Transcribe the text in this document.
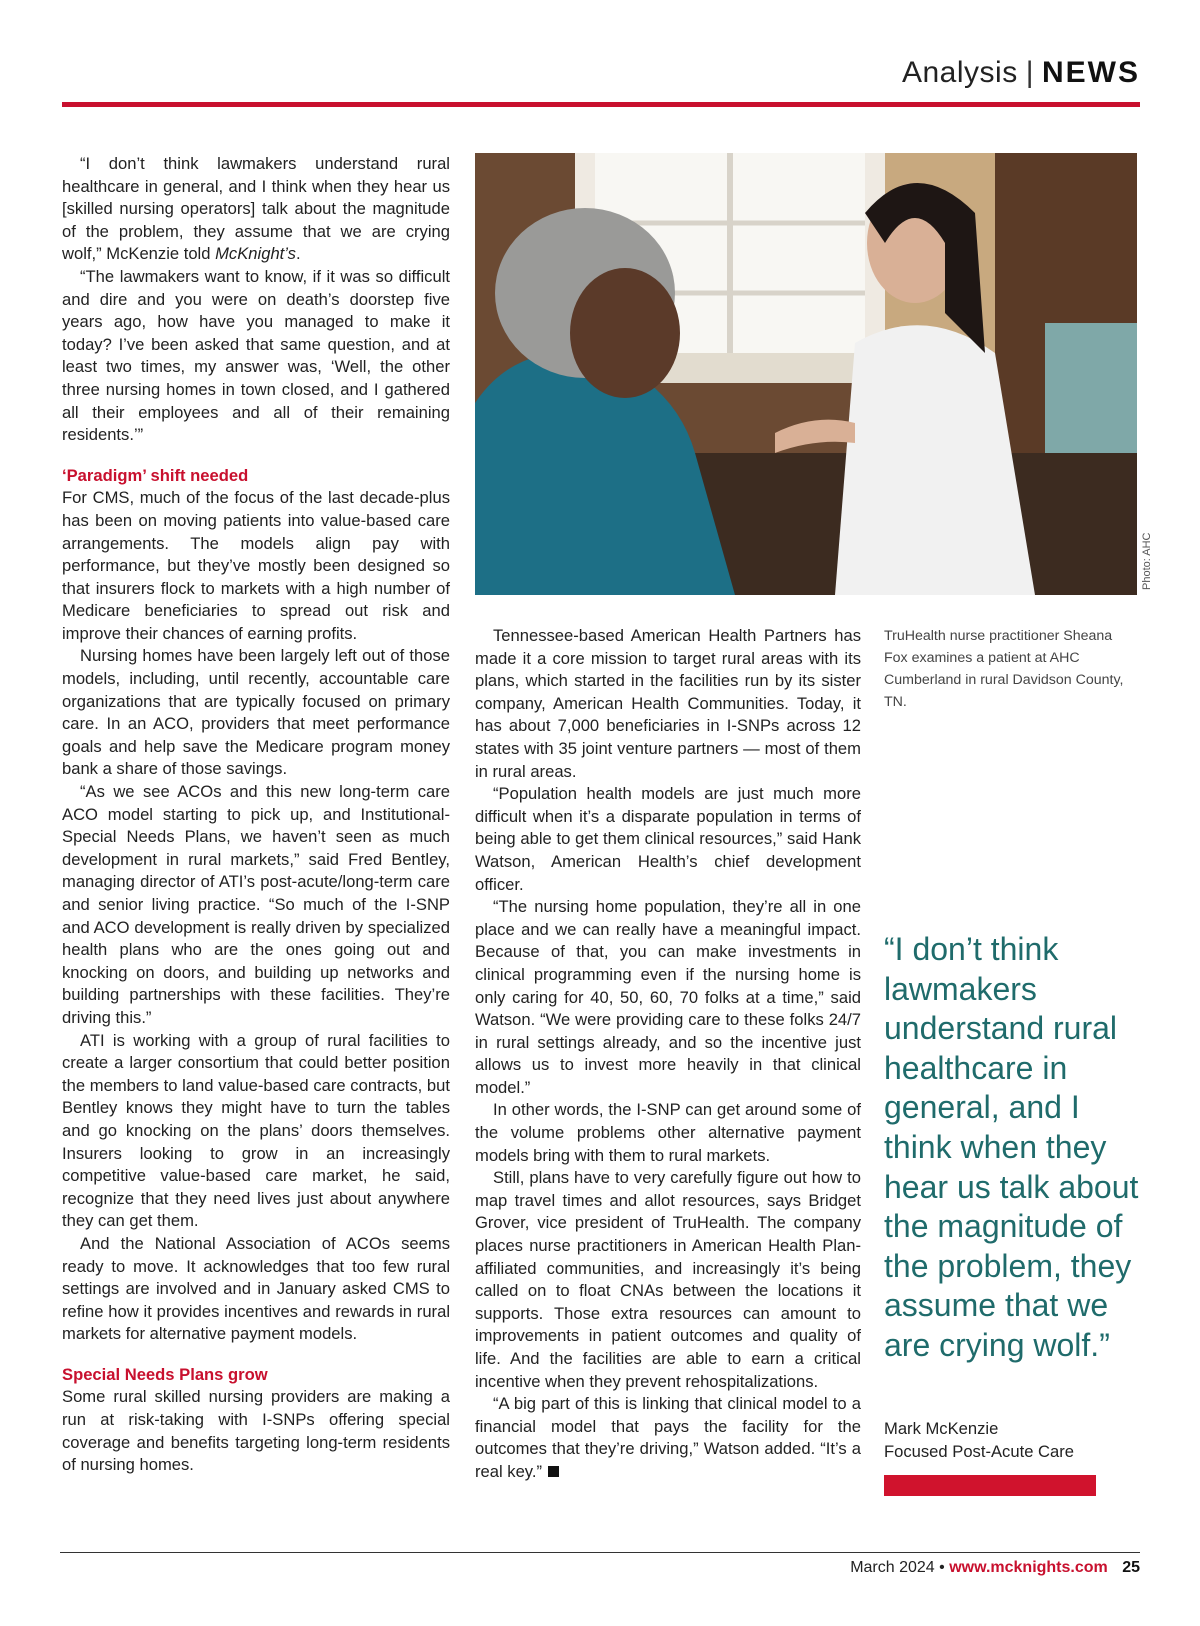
Analysis | NEWS

“I don’t think lawmakers understand rural healthcare in general, and I think when they hear us [skilled nursing operators] talk about the magnitude of the problem, they assume that we are crying wolf,” McKenzie told McKnight’s.

“The lawmakers want to know, if it was so difficult and dire and you were on death’s doorstep five years ago, how have you managed to make it today? I’ve been asked that same question, and at least two times, my answer was, ‘Well, the other three nursing homes in town closed, and I gathered all their employees and all of their remaining residents.’”

‘Paradigm’ shift needed

For CMS, much of the focus of the last decade-plus has been on moving patients into value-based care arrangements. The models align pay with performance, but they’ve mostly been designed so that insurers flock to markets with a high number of Medicare beneficiaries to spread out risk and improve their chances of earning profits.

Nursing homes have been largely left out of those models, including, until recently, accountable care organizations that are typically focused on primary care. In an ACO, providers that meet performance goals and help save the Medicare program money bank a share of those savings.

“As we see ACOs and this new long-term care ACO model starting to pick up, and Institutional-Special Needs Plans, we haven’t seen as much development in rural markets,” said Fred Bentley, managing director of ATI’s post-acute/long-term care and senior living practice. “So much of the I-SNP and ACO development is really driven by specialized health plans who are the ones going out and knocking on doors, and building up networks and building partnerships with these facilities. They’re driving this.”

ATI is working with a group of rural facilities to create a larger consortium that could better position the members to land value-based care contracts, but Bentley knows they might have to turn the tables and go knocking on the plans’ doors themselves. Insurers looking to grow in an increasingly competitive value-based care market, he said, recognize that they need lives just about anywhere they can get them.

And the National Association of ACOs seems ready to move. It acknowledges that too few rural settings are involved and in January asked CMS to refine how it provides incentives and rewards in rural markets for alternative payment models.

Special Needs Plans grow

Some rural skilled nursing providers are making a run at risk-taking with I-SNPs offering special coverage and benefits targeting long-term residents of nursing homes.

Photo: AHC

Tennessee-based American Health Partners has made it a core mission to target rural areas with its plans, which started in the facilities run by its sister company, American Health Communities. Today, it has about 7,000 beneficiaries in I-SNPs across 12 states with 35 joint venture partners — most of them in rural areas.

“Population health models are just much more difficult when it’s a disparate population in terms of being able to get them clinical resources,” said Hank Watson, American Health’s chief development officer.

“The nursing home population, they’re all in one place and we can really have a meaningful impact. Because of that, you can make investments in clinical programming even if the nursing home is only caring for 40, 50, 60, 70 folks at a time,” said Watson. “We were providing care to these folks 24/7 in rural settings already, and so the incentive just allows us to invest more heavily in that clinical model.”

In other words, the I-SNP can get around some of the volume problems other alternative payment models bring with them to rural markets.

Still, plans have to very carefully figure out how to map travel times and allot resources, says Bridget Grover, vice president of TruHealth. The company places nurse practitioners in American Health Plan-affiliated communities, and increasingly it’s being called on to float CNAs between the locations it supports. Those extra resources can amount to improvements in patient outcomes and quality of life. And the facilities are able to earn a critical incentive when they prevent rehospitalizations.

“A big part of this is linking that clinical model to a financial model that pays the facility for the outcomes that they’re driving,” Watson added. “It’s a real key.”

TruHealth nurse practitioner Sheana Fox examines a patient at AHC Cumberland in rural Davidson County, TN.
“I don’t think lawmakers understand rural healthcare in general, and I think when they hear us talk about the magnitude of the problem, they assume that we are crying wolf.”
Mark McKenzie
Focused Post-Acute Care
March 2024 • www.mcknights.com 25
